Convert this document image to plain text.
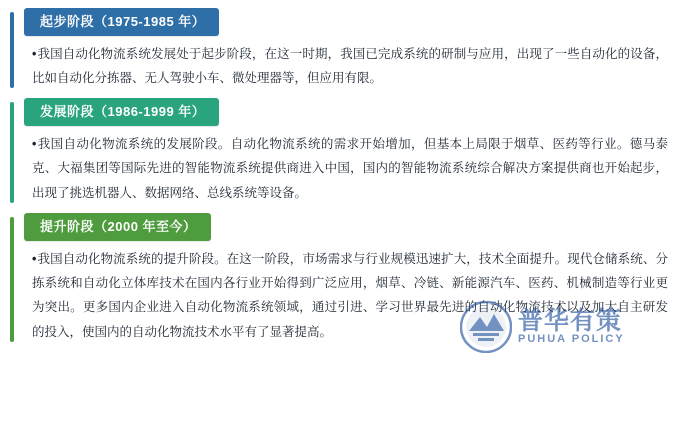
起步阶段（1975-1985 年）

•我国自动化物流系统发展处于起步阶段，在这一时期，我国已完成系统的研制与应用，出现了一些自动化的设备，比如自动化分拣器、无人驾驶小车、微处理器等，但应用有限。

发展阶段（1986-1999 年）

•我国自动化物流系统的发展阶段。自动化物流系统的需求开始增加，但基本上局限于烟草、医药等行业。德马泰克、大福集团等国际先进的智能物流系统提供商进入中国，国内的智能物流系统综合解决方案提供商也开始起步，出现了挑选机器人、数据网络、总线系统等设备。

提升阶段（2000 年至今）

•我国自动化物流系统的提升阶段。在这一阶段，市场需求与行业规模迅速扩大，技术全面提升。现代仓储系统、分拣系统和自动化立体库技术在国内各行业开始得到广泛应用，烟草、冷链、新能源汽车、医药、机械制造等行业更为突出。更多国内企业进入自动化物流系统领域，通过引进、学习世界最先进的自动化物流技术以及加大自主研发的投入，使国内的自动化物流技术水平有了显著提高。	普华有策
PUHUA POLICY
